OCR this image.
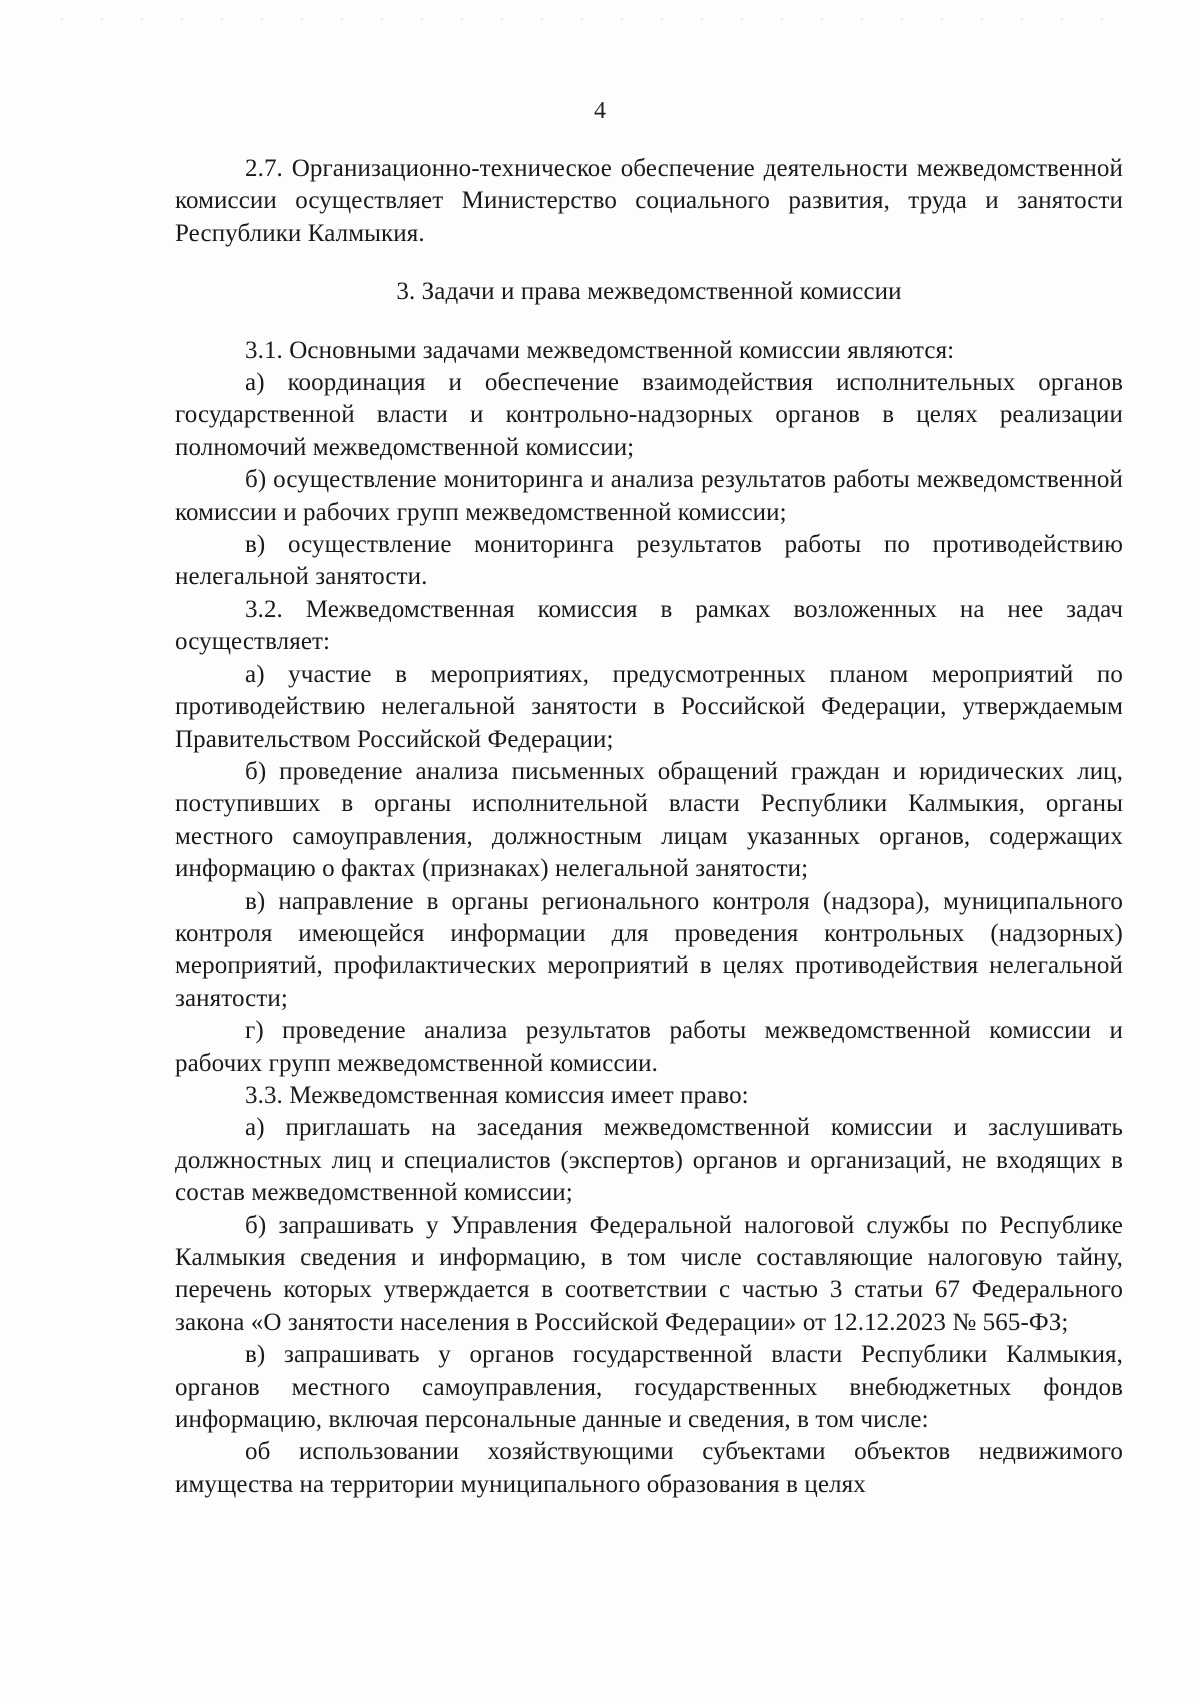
4

2.7. Организационно-техническое обеспечение деятельности межведомственной комиссии осуществляет Министерство социального развития, труда и занятости Республики Калмыкия.

3. Задачи и права межведомственной комиссии

3.1. Основными задачами межведомственной комиссии являются:

а) координация и обеспечение взаимодействия исполнительных органов государственной власти и контрольно-надзорных органов в целях реализации полномочий межведомственной комиссии;

б) осуществление мониторинга и анализа результатов работы межведомственной комиссии и рабочих групп межведомственной комиссии;

в) осуществление мониторинга результатов работы по противодействию нелегальной занятости.

3.2. Межведомственная комиссия в рамках возложенных на нее задач осуществляет:

а) участие в мероприятиях, предусмотренных планом мероприятий по противодействию нелегальной занятости в Российской Федерации, утверждаемым Правительством Российской Федерации;

б) проведение анализа письменных обращений граждан и юридических лиц, поступивших в органы исполнительной власти Республики Калмыкия, органы местного самоуправления, должностным лицам указанных органов, содержащих информацию о фактах (признаках) нелегальной занятости;

в) направление в органы регионального контроля (надзора), муниципального контроля имеющейся информации для проведения контрольных (надзорных) мероприятий, профилактических мероприятий в целях противодействия нелегальной занятости;

г) проведение анализа результатов работы межведомственной комиссии и рабочих групп межведомственной комиссии.

3.3. Межведомственная комиссия имеет право:

а) приглашать на заседания межведомственной комиссии и заслушивать должностных лиц и специалистов (экспертов) органов и организаций, не входящих в состав межведомственной комиссии;

б) запрашивать у Управления Федеральной налоговой службы по Республике Калмыкия сведения и информацию, в том числе составляющие налоговую тайну, перечень которых утверждается в соответствии с частью 3 статьи 67 Федерального закона «О занятости населения в Российской Федерации» от 12.12.2023 № 565-ФЗ;

в) запрашивать у органов государственной власти Республики Калмыкия, органов местного самоуправления, государственных внебюджетных фондов информацию, включая персональные данные и сведения, в том числе:

об использовании хозяйствующими субъектами объектов недвижимого имущества на территории муниципального образования в целях
